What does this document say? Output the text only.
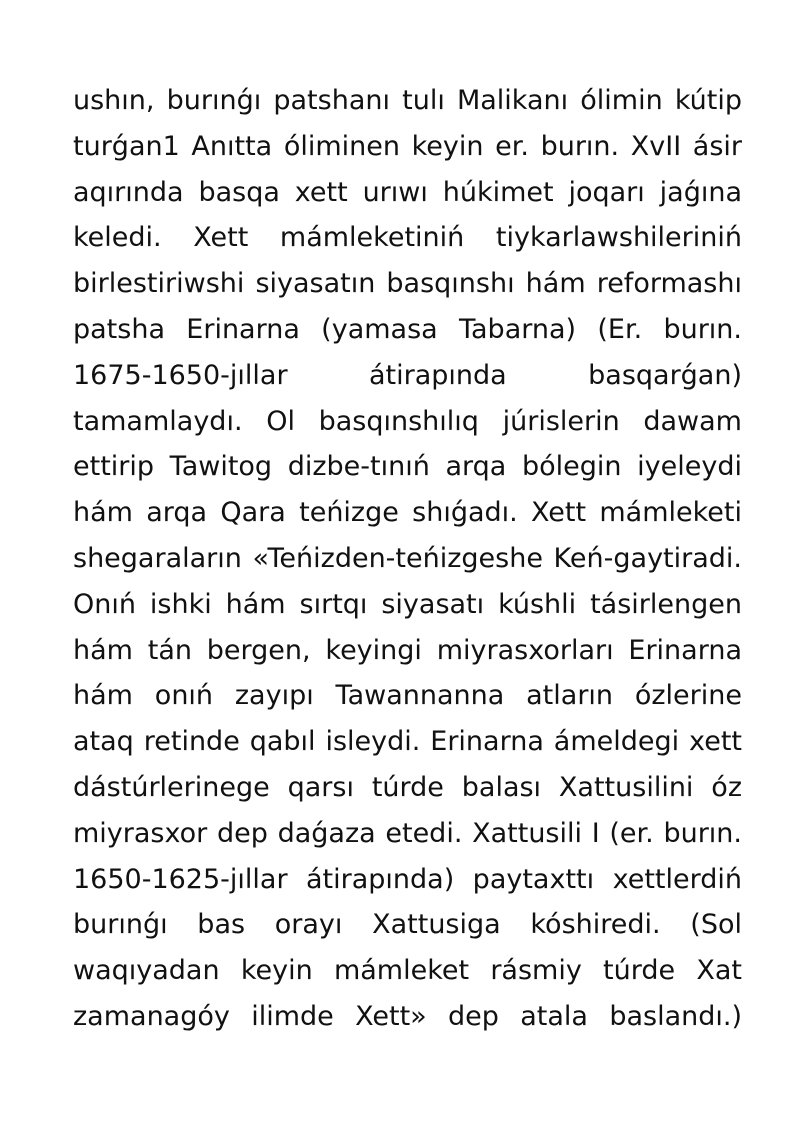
ushın, burınǵı patshanı tulı Malikanı ólimin kútip
turǵan1 Anıtta óliminen keyin er. burın. XvII ásir
aqırında basqa xett urıwı húkimet joqarı jaǵına
keledi. Xett mámleketiniń tiykarlawshileriniń
birlestiriwshi siyasatın basqınshı hám reformashı
patsha Erinarna (yamasa Tabarna) (Er. burın.
1675-1650-jıllar átirapında basqarǵan)
tamamlaydı. Ol basqınshılıq júrislerin dawam
ettirip Tawitog dizbe-tınıń arqa bólegin iyeleydi
hám arqa Qara teńizge shıǵadı. Xett mámleketi
shegaraların «Teńizden-teńizgeshe Keń-gaytiradi.
Onıń ishki hám sırtqı siyasatı kúshli tásirlengen
hám tán bergen, keyingi miyrasxorları Erinarna
hám onıń zayıpı Tawannanna atların ózlerine
ataq retinde qabıl isleydi. Erinarna ámeldegi xett
dástúrlerinege qarsı túrde balası Xattusilini óz
miyrasxor dep daǵaza etedi. Xattusili I (er. burın.
1650-1625-jıllar átirapında) paytaxttı xettlerdiń
burınǵı bas orayı Xattusiga kóshiredi. (Sol
waqıyadan keyin mámleket rásmiy túrde Xat
zamanagóy ilimde Xett» dep atala baslandı.)
